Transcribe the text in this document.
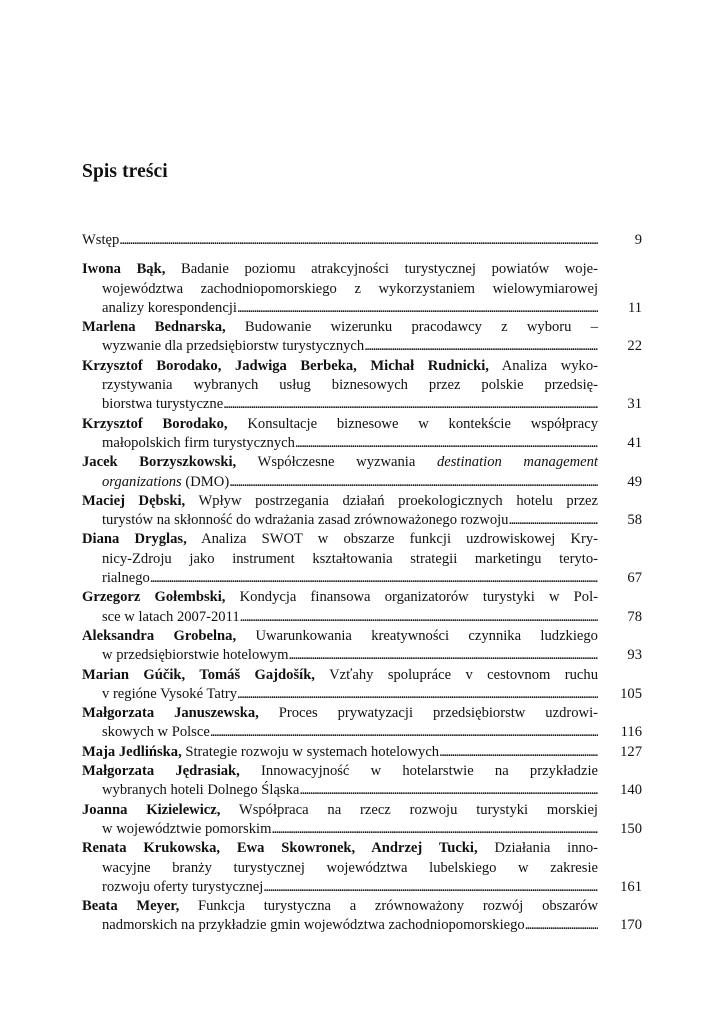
Spis treści
Wstęp . . .	9
Iwona Bąk, Badanie poziomu atrakcyjności turystycznej powiatów woje-
województwa zachodniopomorskiego z wykorzystaniem wielowymiarowej
analizy korespondencji . . .	11
Marlena Bednarska, Budowanie wizerunku pracodawcy z wyboru –
wyzwanie dla przedsiębiorstw turystycznych . . .	22
Krzysztof Borodako, Jadwiga Berbeka, Michał Rudnicki, Analiza wyko-
rzystywania wybranych usług biznesowych przez polskie przedsię-
biorstwa turystyczne . . .	31
Krzysztof Borodako, Konsultacje biznesowe w kontekście współpracy
małopolskich firm turystycznych . . .	41
Jacek Borzyszkowski, Współczesne wyzwania destination management
organizations (DMO) . . .	49
Maciej Dębski, Wpływ postrzegania działań proekologicznych hotelu przez
turystów na skłonność do wdrażania zasad zrównoważonego rozwoju . . .	58
Diana Dryglas, Analiza SWOT w obszarze funkcji uzdrowiskowej Kry-
nicy-Zdroju jako instrument kształtowania strategii marketingu teryto-
rialnego . . .	67
Grzegorz Gołembski, Kondycja finansowa organizatorów turystyki w Pol-
sce w latach 2007-2011 . . .	78
Aleksandra Grobelna, Uwarunkowania kreatywności czynnika ludzkiego
w przedsiębiorstwie hotelowym . . .	93
Marian Gúčik, Tomáš Gajdošík, Vzťahy spolupráce v cestovnom ruchu
v regióne Vysoké Tatry . . .	105
Małgorzata Januszewska, Proces prywatyzacji przedsiębiorstw uzdrowi-
skowych w Polsce . . .	116
Maja Jedlińska, Strategie rozwoju w systemach hotelowych . . .	127
Małgorzata Jędrasiak, Innowacyjność w hotelarstwie na przykładzie
wybranych hoteli Dolnego Śląska . . .	140
Joanna Kizielewicz, Współpraca na rzecz rozwoju turystyki morskiej
w województwie pomorskim . . .	150
Renata Krukowska, Ewa Skowronek, Andrzej Tucki, Działania inno-
wacyjne branży turystycznej województwa lubelskiego w zakresie
rozwoju oferty turystycznej . . .	161
Beata Meyer, Funkcja turystyczna a zrównoważony rozwój obszarów
nadmorskich na przykładzie gmin województwa zachodniopomorskiego . . .	170
